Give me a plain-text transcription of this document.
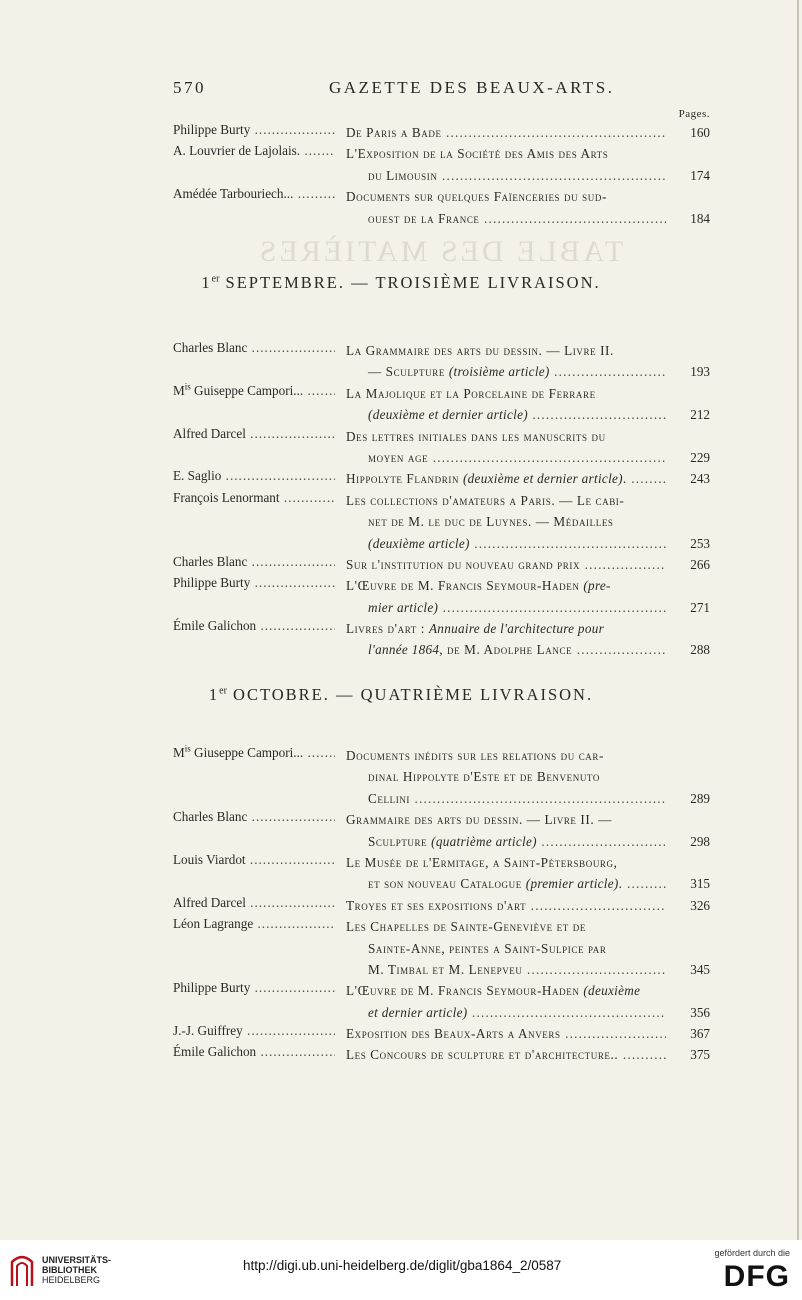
TABLE DES MATIÈRES
570	GAZETTE DES BEAUX-ARTS.
Pages.
Philippe Burty .....	De Paris a Bade .....	160
A. Louvrier de Lajolais. .....	L'Exposition de la Société des Amis des Arts
du Limousin .....	174
Amédée Tarbouriech... .....	Documents sur quelques Faïenceries du sud-
ouest de la France .....	184
1er SEPTEMBRE. — TROISIÈME LIVRAISON.
Charles Blanc .....	La Grammaire des arts du dessin. — Livre II.
— Sculpture (troisième article) .....	193
$M^{is}$ Guiseppe Campori... .....	La Majolique et la Porcelaine de Ferrare
(deuxième et dernier article) .....	212
Alfred Darcel .....	Des lettres initiales dans les manuscrits du
moyen age .....	229
E. Saglio .....	Hippolyte Flandrin (deuxième et dernier article). .....	243
François Lenormant .....	Les collections d'amateurs a Paris. — Le cabi-
net de M. le duc de Luynes. — Médailles
(deuxième article) .....	253
Charles Blanc .....	Sur l'institution du nouveau grand prix .....	266
Philippe Burty .....	L'Œuvre de M. Francis Seymour-Haden (pre-
mier article) .....	271
Émile Galichon .....	Livres d'art : Annuaire de l'architecture pour
l'année 1864, de M. Adolphe Lance .....	288
1er OCTOBRE. — QUATRIÈME LIVRAISON.
$M^{is}$ Giuseppe Campori... .....	Documents inédits sur les relations du car-
dinal Hippolyte d'Este et de Benvenuto
Cellini .....	289
Charles Blanc .....	Grammaire des arts du dessin. — Livre II. —
Sculpture (quatrième article) .....	298
Louis Viardot .....	Le Musée de l'Ermitage, a Saint-Pétersbourg,
et son nouveau Catalogue (premier article). .....	315
Alfred Darcel .....	Troyes et ses expositions d'art .....	326
Léon Lagrange .....	Les Chapelles de Sainte-Geneviève et de
Sainte-Anne, peintes a Saint-Sulpice par
M. Timbal et M. Lenepveu .....	345
Philippe Burty .....	L'Œuvre de M. Francis Seymour-Haden (deuxième
et dernier article) .....	356
J.-J. Guiffrey .....	Exposition des Beaux-Arts a Anvers .....	367
Émile Galichon .....	Les Concours de sculpture et d'architecture.. .....	375
UNIVERSITÄTS-
BIBLIOTHEK
HEIDELBERG
http://digi.ub.uni-heidelberg.de/diglit/gba1864_2/0587
gefördert durch die
DFG
